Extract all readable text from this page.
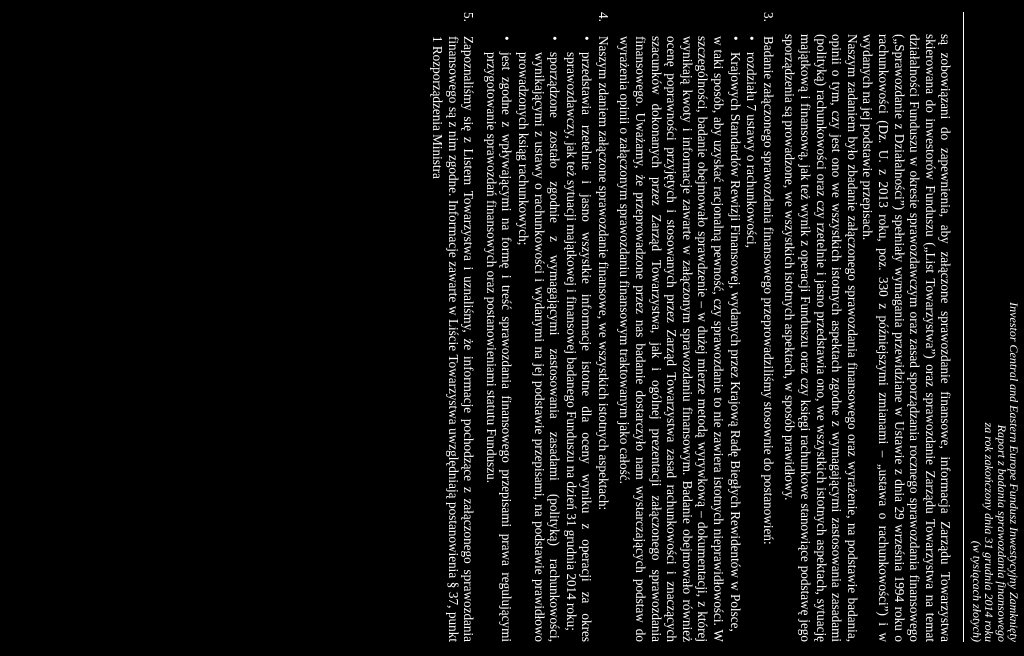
Investor Central and Eastern Europe Fundusz Inwestycyjny Zamknięty
Raport z badania sprawozdania finansowego
za rok zakończony dnia 31 grudnia 2014 roku
(w tysiącach złotych)

są zobowiązani do zapewnienia, aby załączone sprawozdanie finansowe, informacja Zarządu Towarzystwa skierowana do inwestorów Funduszu („List Towarzystwa”) oraz sprawozdanie Zarządu Towarzystwa na temat działalności Funduszu w okresie sprawozdawczym oraz zasad sporządzania rocznego sprawozdania finansowego („Sprawozdanie z Działalności”) spełniały wymagania przewidziane w Ustawie z dnia 29 września 1994 roku o rachunkowości (Dz. U. z 2013 roku, poz. 330 z późniejszymi zmianami – „ustawa o rachunkowości”) i w wydanych na jej podstawie przepisach.

Naszym zadaniem było zbadanie załączonego sprawozdania finansowego oraz wyrażenie, na podstawie badania, opinii o tym, czy jest ono we wszystkich istotnych aspektach zgodne z wymagającymi zastosowania zasadami (polityką) rachunkowości oraz czy rzetelnie i jasno przedstawia ono, we wszystkich istotnych aspektach, sytuację majątkową i finansową, jak też wynik z operacji Funduszu oraz czy księgi rachunkowe stanowiące podstawę jego sporządzenia są prowadzone, we wszystkich istotnych aspektach, w sposób prawidłowy.

3.

Badanie załączonego sprawozdania finansowego przeprowadziliśmy stosownie do postanowień:

•
rozdziału 7 ustawy o rachunkowości,
•
Krajowych Standardów Rewizji Finansowej, wydanych przez Krajową Radę Biegłych Rewidentów w Polsce,

w taki sposób, aby uzyskać racjonalną pewność, czy sprawozdanie to nie zawiera istotnych nieprawidłowości. W szczególności, badanie obejmowało sprawdzenie – w dużej mierze metodą wyrywkową – dokumentacji, z której wynikają kwoty i informacje zawarte w załączonym sprawozdaniu finansowym. Badanie obejmowało również ocenę poprawności przyjętych i stosowanych przez Zarząd Towarzystwa zasad rachunkowości i znaczących szacunków dokonanych przez Zarząd Towarzystwa, jak i ogólnej prezentacji załączonego sprawozdania finansowego. Uważamy, że przeprowadzone przez nas badanie dostarczyło nam wystarczających podstaw do wyrażenia opinii o załączonym sprawozdaniu finansowym traktowanym jako całość.

4.

Naszym zdaniem załączone sprawozdanie finansowe, we wszystkich istotnych aspektach:

•
przedstawia rzetelnie i jasno wszystkie informacje istotne dla oceny wyniku z operacji za okres sprawozdawczy, jak też sytuacji majątkowej i finansowej badanego Funduszu na dzień 31 grudnia 2014 roku;
•
sporządzone zostało zgodnie z wymagającymi zastosowania zasadami (polityką) rachunkowości, wynikającymi z ustawy o rachunkowości i wydanymi na jej podstawie przepisami, na podstawie prawidłowo prowadzonych ksiąg rachunkowych;
•
jest zgodne z wpływającymi na formę i treść sprawozdania finansowego przepisami prawa regulującymi przygotowanie sprawozdań finansowych oraz postanowieniami statutu Funduszu.
5.

Zapoznaliśmy się z Listem Towarzystwa i uznaliśmy, że informacje pochodzące z załączonego sprawozdania finansowego są z nim zgodne. Informacje zawarte w Liście Towarzystwa uwzględniają postanowienia § 37, punkt 1 Rozporządzenia Ministra
